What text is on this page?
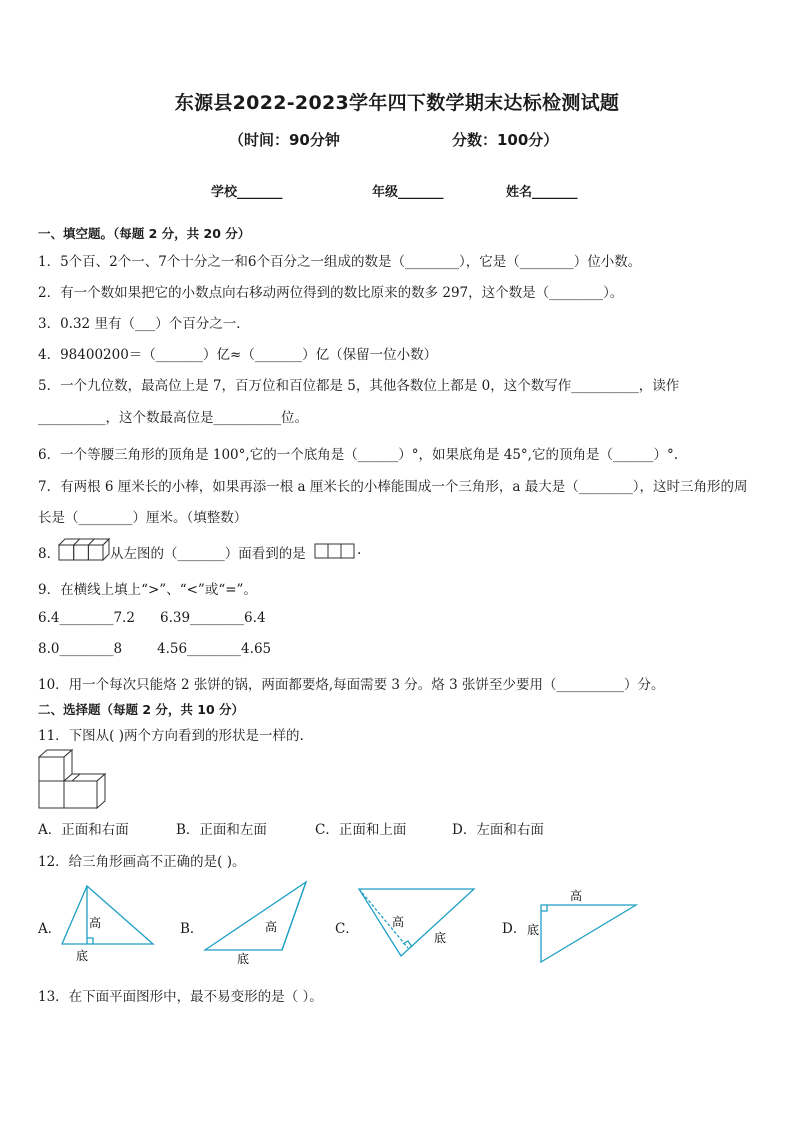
东源县2022-2023学年四下数学期末达标检测试题
（时间：90分钟	分数：100分）
学校_______	年级_______	姓名_______
一、填空题。（每题 2 分，共 20 分）
1．5个百、2个一、7个十分之一和6个百分之一组成的数是（________），它是（________）位小数。
2．有一个数如果把它的小数点向右移动两位得到的数比原来的数多 297，这个数是（________）。
3．0.32 里有（___）个百分之一．
4．98400200＝（_______）亿≈（_______）亿（保留一位小数）
5．一个九位数，最高位上是 7，百万位和百位都是 5，其他各数位上都是 0，这个数写作__________，读作
__________，这个数最高位是__________位。
6．一个等腰三角形的顶角是 100°,它的一个底角是（______）°，如果底角是 45°,它的顶角是（______）°.
7．有两根 6 厘米长的小棒，如果再添一根 a 厘米长的小棒能围成一个三角形，a 最大是（________），这时三角形的周
长是（________）厘米。（填整数）
8．	从左图的（_______）面看到的是	.
9．在横线上填上“>”、“<”或“=”。
6.4________7.2 6.39________6.4
8.0________8	4.56________4.65
10．用一个每次只能烙 2 张饼的锅，两面都要烙,每面需要 3 分。烙 3 张饼至少要用（__________）分。
二、选择题（每题 2 分，共 10 分）
11．下图从( )两个方向看到的形状是一样的.
A．正面和右面	B．正面和左面	C．正面和上面	D．左面和右面
12．给三角形画高不正确的是( )。
A．	B．	C．	D．
高
底
高
底
高
底
高
底
13．在下面平面图形中，最不易变形的是（ ）。
